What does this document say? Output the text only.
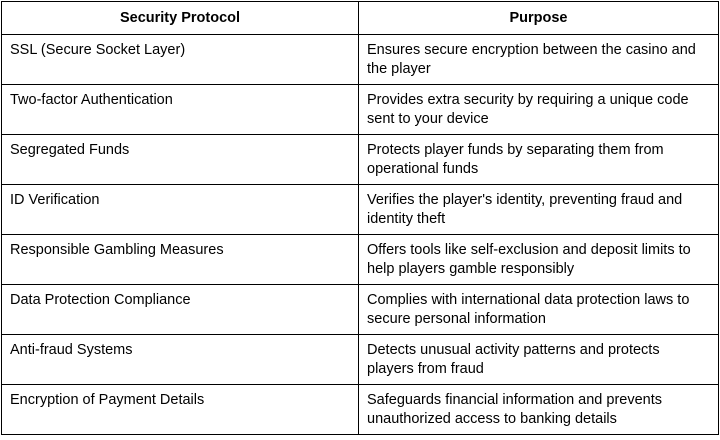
Security Protocol	Purpose
SSL (Secure Socket Layer)	Ensures secure encryption between the casino and the player
Two-factor Authentication	Provides extra security by requiring a unique code sent to your device
Segregated Funds	Protects player funds by separating them from operational funds
ID Verification	Verifies the player's identity, preventing fraud and identity theft
Responsible Gambling Measures	Offers tools like self-exclusion and deposit limits to help players gamble responsibly
Data Protection Compliance	Complies with international data protection laws to secure personal information
Anti-fraud Systems	Detects unusual activity patterns and protects players from fraud
Encryption of Payment Details	Safeguards financial information and prevents unauthorized access to banking details
